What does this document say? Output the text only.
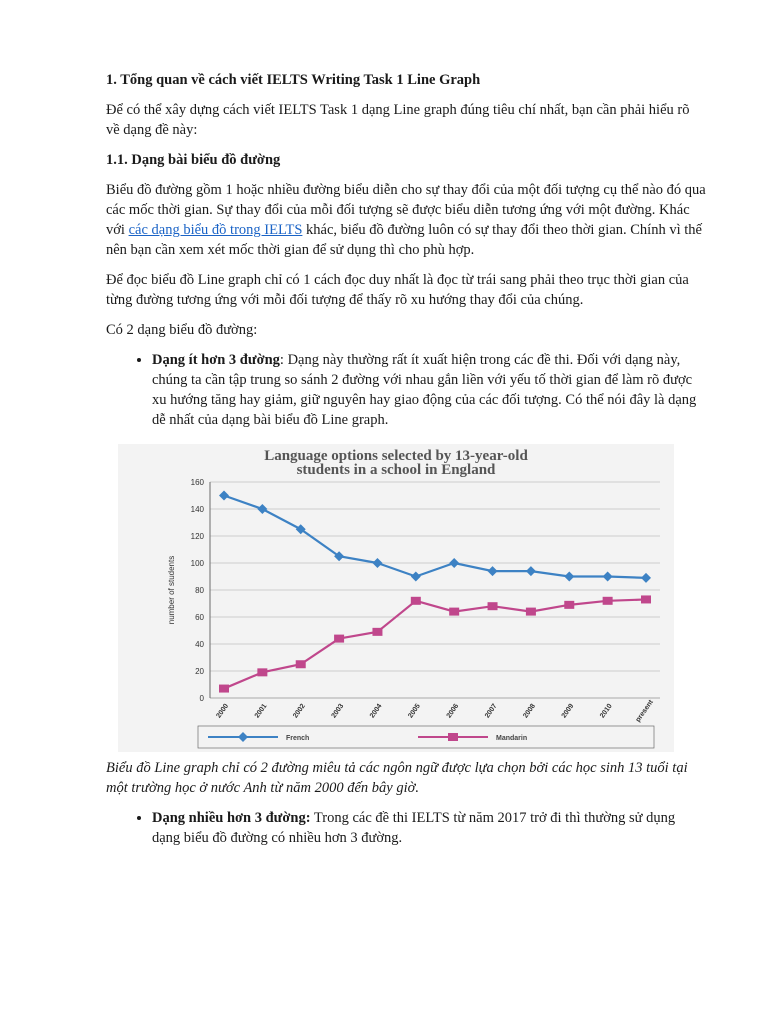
1. Tổng quan về cách viết IELTS Writing Task 1 Line Graph

Để có thể xây dựng cách viết IELTS Task 1 dạng Line graph đúng tiêu chí nhất, bạn cần phải hiểu rõ về dạng đề này:

1.1. Dạng bài biểu đồ đường

Biểu đồ đường gồm 1 hoặc nhiều đường biểu diễn cho sự thay đổi của một đối tượng cụ thể nào đó qua các mốc thời gian. Sự thay đổi của mỗi đối tượng sẽ được biểu diễn tương ứng với một đường. Khác với các dạng biểu đồ trong IELTS khác, biểu đồ đường luôn có sự thay đổi theo thời gian. Chính vì thế nên bạn cần xem xét mốc thời gian để sử dụng thì cho phù hợp.

Để đọc biểu đồ Line graph chỉ có 1 cách đọc duy nhất là đọc từ trái sang phải theo trục thời gian của từng đường tương ứng với mỗi đối tượng để thấy rõ xu hướng thay đổi của chúng.

Có 2 dạng biểu đồ đường:

• Dạng ít hơn 3 đường: Dạng này thường rất ít xuất hiện trong các đề thi. Đối với dạng này, chúng ta cần tập trung so sánh 2 đường với nhau gắn liền với yếu tố thời gian để làm rõ được xu hướng tăng hay giảm, giữ nguyên hay giao động của các đối tượng. Có thể nói đây là dạng dễ nhất của dạng bài biểu đồ Line graph.
Language options selected by 13-year-old
students in a school in England
0
20
40
60
80
100
120
140
160
2000	2001	2002	2003	2004	2005	2006	2007	2008	2009	2010	present
number of students
French	Mandarin

Biểu đồ Line graph chỉ có 2 đường miêu tả các ngôn ngữ được lựa chọn bởi các học sinh 13 tuổi tại một trường học ở nước Anh từ năm 2000 đến bây giờ.

• Dạng nhiều hơn 3 đường: Trong các đề thi IELTS từ năm 2017 trở đi thì thường sử dụng dạng biểu đồ đường có nhiều hơn 3 đường.
